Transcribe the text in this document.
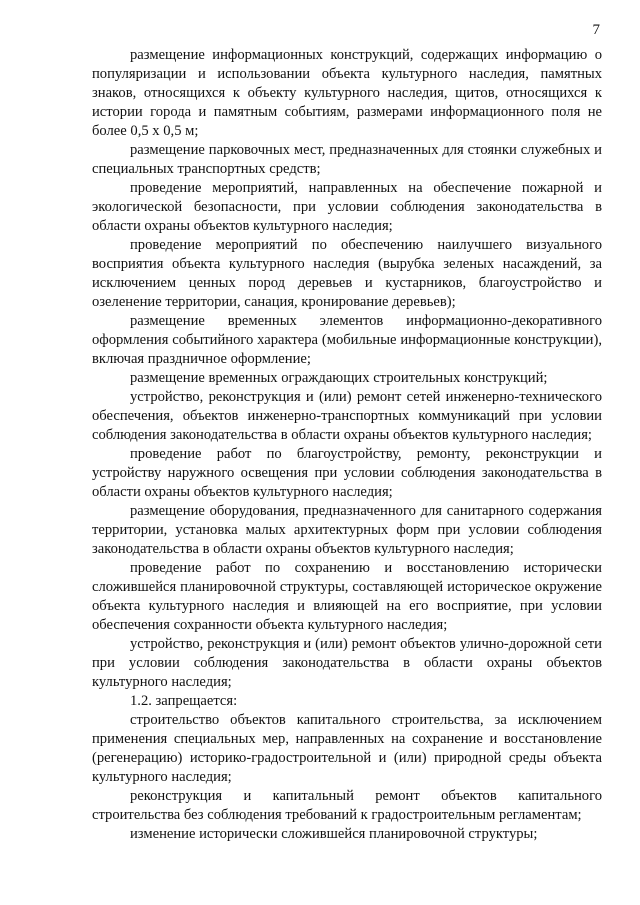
7

размещение информационных конструкций, содержащих информацию о популяризации и использовании объекта культурного наследия, памятных знаков, относящихся к объекту культурного наследия, щитов, относящихся к истории города и памятным событиям, размерами информационного поля не более 0,5 х 0,5 м;

размещение парковочных мест, предназначенных для стоянки служебных и специальных транспортных средств;

проведение мероприятий, направленных на обеспечение пожарной и экологической безопасности, при условии соблюдения законодательства в области охраны объектов культурного наследия;

проведение мероприятий по обеспечению наилучшего визуального восприятия объекта культурного наследия (вырубка зеленых насаждений, за исключением ценных пород деревьев и кустарников, благоустройство и озеленение территории, санация, кронирование деревьев);

размещение временных элементов информационно-декоративного оформления событийного характера (мобильные информационные конструкции), включая праздничное оформление;

размещение временных ограждающих строительных конструкций;

устройство, реконструкция и (или) ремонт сетей инженерно-технического обеспечения, объектов инженерно-транспортных коммуникаций при условии соблюдения законодательства в области охраны объектов культурного наследия;

проведение работ по благоустройству, ремонту, реконструкции и устройству наружного освещения при условии соблюдения законодательства в области охраны объектов культурного наследия;

размещение оборудования, предназначенного для санитарного содержания территории, установка малых архитектурных форм при условии соблюдения законодательства в области охраны объектов культурного наследия;

проведение работ по сохранению и восстановлению исторически сложившейся планировочной структуры, составляющей историческое окружение объекта культурного наследия и влияющей на его восприятие, при условии обеспечения сохранности объекта культурного наследия;

устройство, реконструкция и (или) ремонт объектов улично-дорожной сети при условии соблюдения законодательства в области охраны объектов культурного наследия;

1.2. запрещается:

строительство объектов капитального строительства, за исключением применения специальных мер, направленных на сохранение и восстановление (регенерацию) историко-градостроительной и (или) природной среды объекта культурного наследия;

реконструкция и капитальный ремонт объектов капитального строительства без соблюдения требований к градостроительным регламентам;

изменение исторически сложившейся планировочной структуры;
